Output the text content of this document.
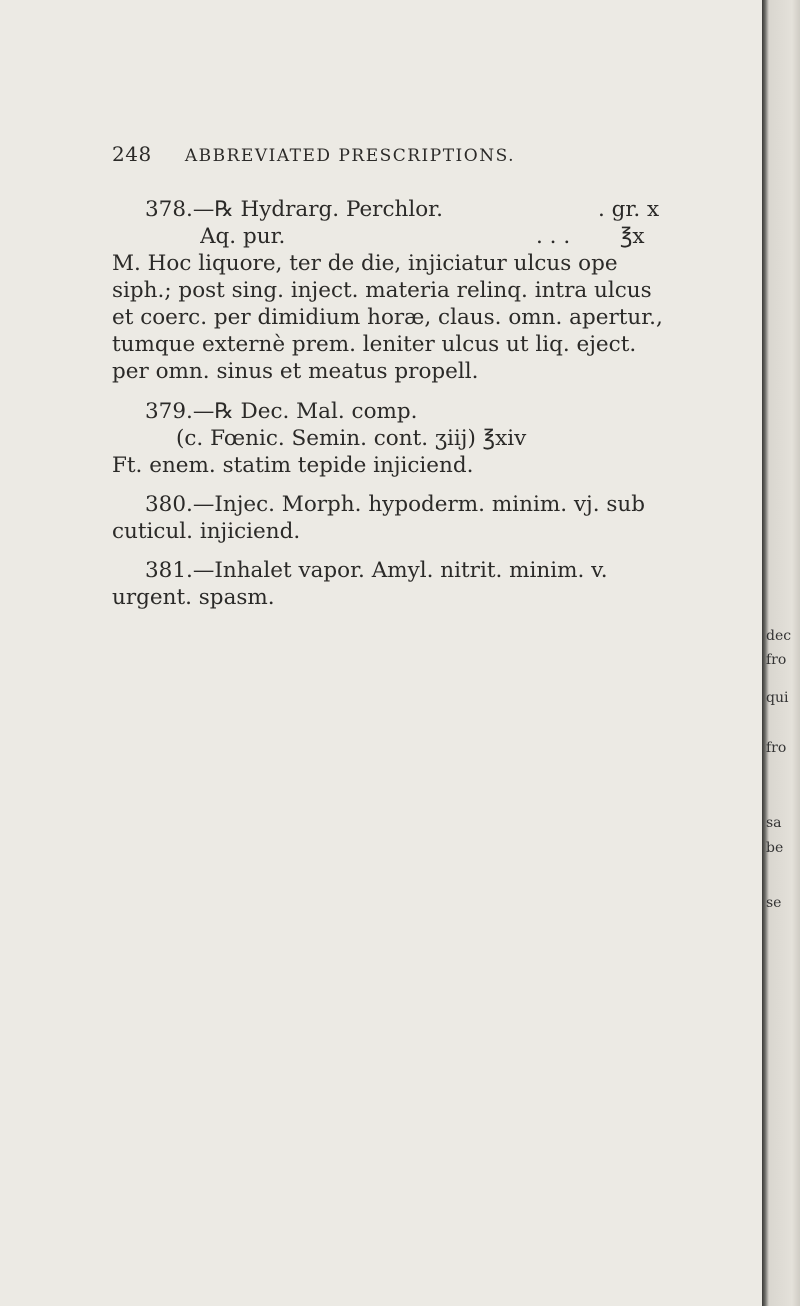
248 ABBREVIATED PRESCRIPTIONS.
378.—℞ Hydrarg. Perchlor.	. gr. x
Aq. pur.	. . . ℥x
M. Hoc liquore, ter de die, injiciatur ulcus ope
siph.; post sing. inject. materia relinq. intra ulcus
et coerc. per dimidium horæ, claus. omn. apertur.,
tumque externè prem. leniter ulcus ut liq. eject.
per omn. sinus et meatus propell.
379.—℞ Dec. Mal. comp.
(c. Fœnic. Semin. cont. ʒiij) ℥xiv
Ft. enem. statim tepide injiciend.
380.—Injec. Morph. hypoderm. minim. vj. sub
cuticul. injiciend.
381.—Inhalet vapor. Amyl. nitrit. minim. v.
urgent. spasm.
dec
fro
qui
fro
sa
be
se
